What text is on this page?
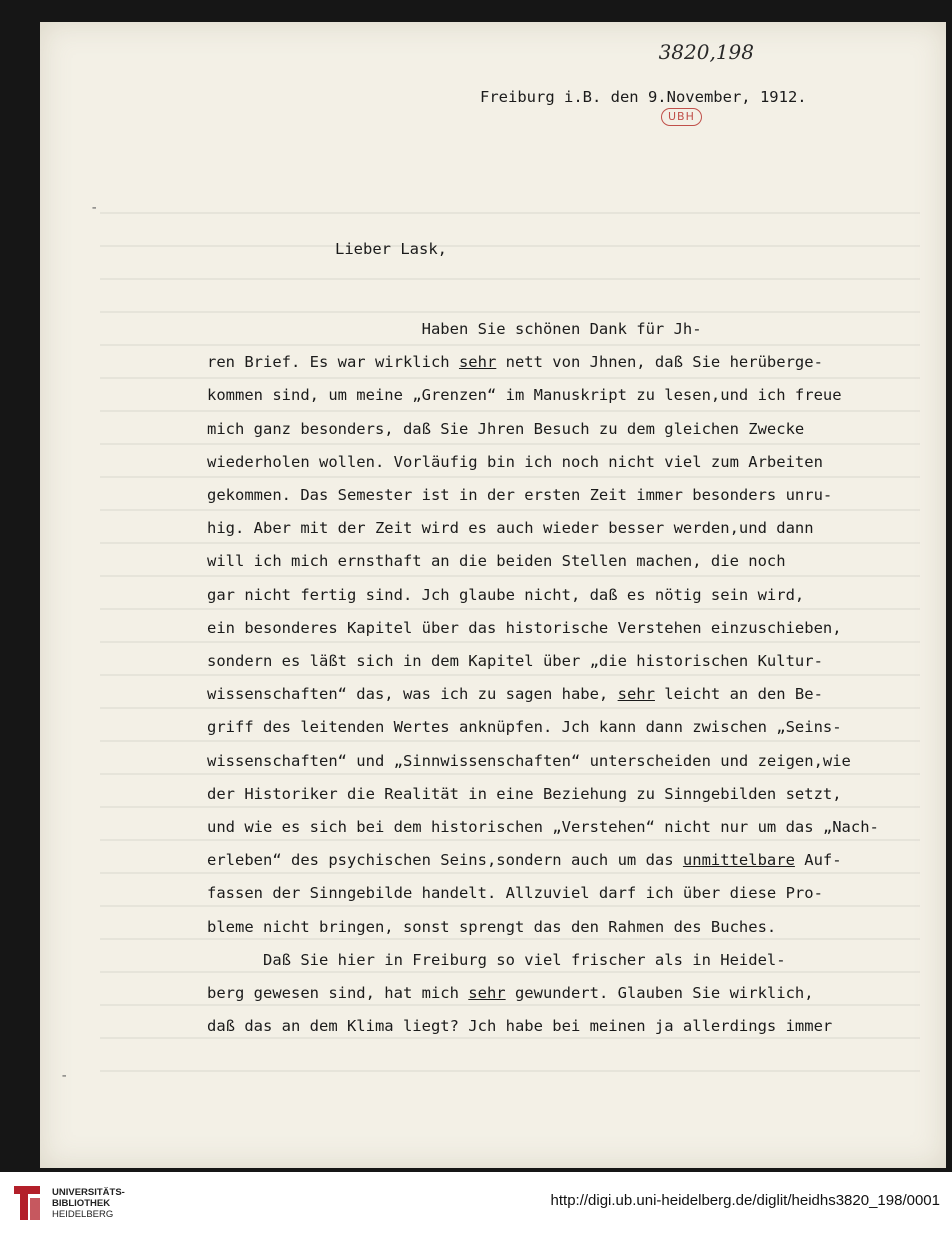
3820,198
UBH
-
-
Freiburg i.B. den 9.November, 1912.
Lieber Lask,
Haben Sie schönen Dank für Jh-
ren Brief. Es war wirklich sehr nett von Jhnen, daß Sie herüberge-
kommen sind, um meine „Grenzen“ im Manuskript zu lesen,und ich freue
mich ganz besonders, daß Sie Jhren Besuch zu dem gleichen Zwecke
wiederholen wollen. Vorläufig bin ich noch nicht viel zum Arbeiten
gekommen. Das Semester ist in der ersten Zeit immer besonders unru-
hig. Aber mit der Zeit wird es auch wieder besser werden,und dann
will ich mich ernsthaft an die beiden Stellen machen, die noch
gar nicht fertig sind. Jch glaube nicht, daß es nötig sein wird,
ein besonderes Kapitel über das historische Verstehen einzuschieben,
sondern es läßt sich in dem Kapitel über „die historischen Kultur-
wissenschaften“ das, was ich zu sagen habe, sehr leicht an den Be-
griff des leitenden Wertes anknüpfen. Jch kann dann zwischen „Seins-
wissenschaften“ und „Sinnwissenschaften“ unterscheiden und zeigen,wie
der Historiker die Realität in eine Beziehung zu Sinngebilden setzt,
und wie es sich bei dem historischen „Verstehen“ nicht nur um das „Nach-
erleben“ des psychischen Seins,sondern auch um das unmittelbare Auf-
fassen der Sinngebilde handelt. Allzuviel darf ich über diese Pro-
bleme nicht bringen, sonst sprengt das den Rahmen des Buches.
Daß Sie hier in Freiburg so viel frischer als in Heidel-
berg gewesen sind, hat mich sehr gewundert. Glauben Sie wirklich,
daß das an dem Klima liegt? Jch habe bei meinen ja allerdings immer
UNIVERSITÄTS-
BIBLIOTHEK
HEIDELBERG
http://digi.ub.uni-heidelberg.de/diglit/heidhs3820_198/0001
